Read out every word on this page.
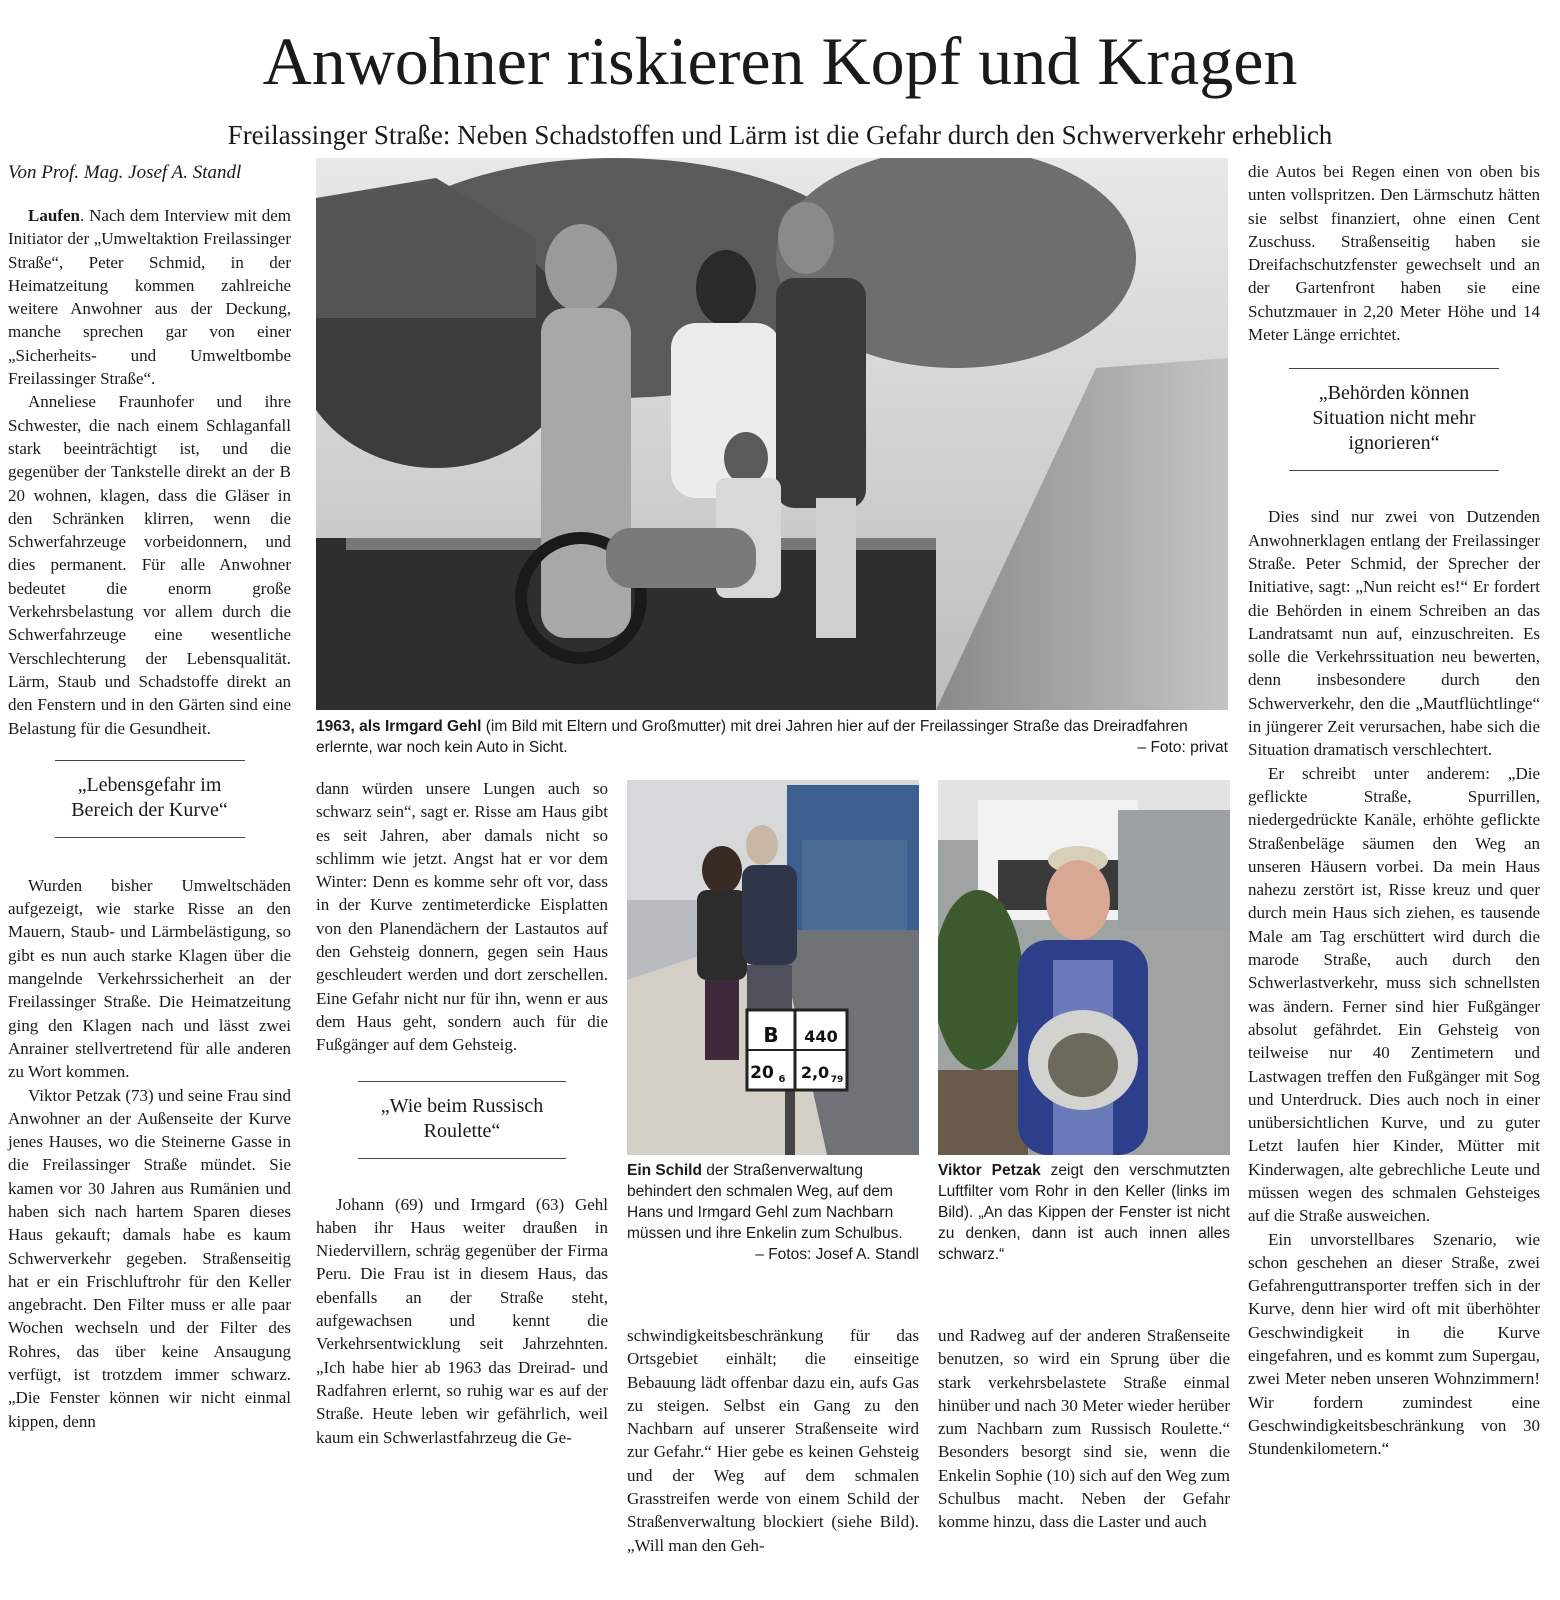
Anwohner riskieren Kopf und Kragen
Freilassinger Straße: Neben Schadstoffen und Lärm ist die Gefahr durch den Schwerverkehr erheblich
Von Prof. Mag. Josef A. Standl

Laufen. Nach dem Interview mit dem Initiator der „Umweltaktion Freilassinger Straße“, Peter Schmid, in der Heimatzeitung kommen zahlreiche weitere Anwohner aus der Deckung, manche sprechen gar von einer „Sicherheits- und Umweltbombe Freilassinger Straße“.

Anneliese Fraunhofer und ihre Schwester, die nach einem Schlaganfall stark beeinträchtigt ist, und die gegenüber der Tankstelle direkt an der B 20 wohnen, klagen, dass die Gläser in den Schränken klirren, wenn die Schwerfahrzeuge vorbeidonnern, und dies permanent. Für alle Anwohner bedeutet die enorm große Verkehrsbelastung vor allem durch die Schwerfahrzeuge eine wesentliche Verschlechterung der Lebensqualität. Lärm, Staub und Schadstoffe direkt an den Fenstern und in den Gärten sind eine Belastung für die Gesundheit.

„Lebensgefahr im Bereich der Kurve“

Wurden bisher Umweltschäden aufgezeigt, wie starke Risse an den Mauern, Staub- und Lärmbelästigung, so gibt es nun auch starke Klagen über die mangelnde Verkehrssicherheit an der Freilassinger Straße. Die Heimatzeitung ging den Klagen nach und lässt zwei Anrainer stellvertretend für alle anderen zu Wort kommen.

Viktor Petzak (73) und seine Frau sind Anwohner an der Außenseite der Kurve jenes Hauses, wo die Steinerne Gasse in die Freilassinger Straße mündet. Sie kamen vor 30 Jahren aus Rumänien und haben sich nach hartem Sparen dieses Haus gekauft; damals habe es kaum Schwerverkehr gegeben. Straßenseitig hat er ein Frischluftrohr für den Keller angebracht. Den Filter muss er alle paar Wochen wechseln und der Filter des Rohres, das über keine Ansaugung verfügt, ist trotzdem immer schwarz. „Die Fenster können wir nicht einmal kippen, denn

1963, als Irmgard Gehl (im Bild mit Eltern und Großmutter) mit drei Jahren hier auf der Freilassinger Straße das Dreiradfahren erlernte, war noch kein Auto in Sicht.	– Foto: privat

dann würden unsere Lungen auch so schwarz sein“, sagt er. Risse am Haus gibt es seit Jahren, aber damals nicht so schlimm wie jetzt. Angst hat er vor dem Winter: Denn es komme sehr oft vor, dass in der Kurve zentimeterdicke Eisplatten von den Planendächern der Lastautos auf den Gehsteig donnern, gegen sein Haus geschleudert werden und dort zerschellen. Eine Gefahr nicht nur für ihn, wenn er aus dem Haus geht, sondern auch für die Fußgänger auf dem Gehsteig.

„Wie beim Russisch Roulette“

Johann (69) und Irmgard (63) Gehl haben ihr Haus weiter draußen in Niedervillern, schräg gegenüber der Firma Peru. Die Frau ist in diesem Haus, das ebenfalls an der Straße steht, aufgewachsen und kennt die Verkehrsentwicklung seit Jahrzehnten. „Ich habe hier ab 1963 das Dreirad- und Radfahren erlernt, so ruhig war es auf der Straße. Heute leben wir gefährlich, weil kaum ein Schwerlastfahrzeug die Ge-

B 440
20 6 2,0 79
Ein Schild der Straßenverwaltung behindert den schmalen Weg, auf dem Hans und Irmgard Gehl zum Nachbarn müssen und ihre Enkelin zum Schulbus.
– Fotos: Josef A. Standl
Viktor Petzak zeigt den verschmutzten Luftfilter vom Rohr in den Keller (links im Bild). „An das Kippen der Fenster ist nicht zu denken, dann ist auch innen alles schwarz.“

schwindigkeitsbeschränkung für das Ortsgebiet einhält; die einseitige Bebauung lädt offenbar dazu ein, aufs Gas zu steigen. Selbst ein Gang zu den Nachbarn auf unserer Straßenseite wird zur Gefahr.“ Hier gebe es keinen Gehsteig und der Weg auf dem schmalen Grasstreifen werde von einem Schild der Straßenverwaltung blockiert (siehe Bild). „Will man den Geh-

und Radweg auf der anderen Straßenseite benutzen, so wird ein Sprung über die stark verkehrsbelastete Straße einmal hinüber und nach 30 Meter wieder herüber zum Nachbarn zum Russisch Roulette.“ Besonders besorgt sind sie, wenn die Enkelin Sophie (10) sich auf den Weg zum Schulbus macht. Neben der Gefahr komme hinzu, dass die Laster und auch

die Autos bei Regen einen von oben bis unten vollspritzen. Den Lärmschutz hätten sie selbst finanziert, ohne einen Cent Zuschuss. Straßenseitig haben sie Dreifachschutzfenster gewechselt und an der Gartenfront haben sie eine Schutzmauer in 2,20 Meter Höhe und 14 Meter Länge errichtet.

„Behörden können Situation nicht mehr ignorieren“

Dies sind nur zwei von Dutzenden Anwohnerklagen entlang der Freilassinger Straße. Peter Schmid, der Sprecher der Initiative, sagt: „Nun reicht es!“ Er fordert die Behörden in einem Schreiben an das Landratsamt nun auf, einzuschreiten. Es solle die Verkehrssituation neu bewerten, denn insbesondere durch den Schwerverkehr, den die „Mautflüchtlinge“ in jüngerer Zeit verursachen, habe sich die Situation dramatisch verschlechtert.

Er schreibt unter anderem: „Die geflickte Straße, Spurrillen, niedergedrückte Kanäle, erhöhte geflickte Straßenbeläge säumen den Weg an unseren Häusern vorbei. Da mein Haus nahezu zerstört ist, Risse kreuz und quer durch mein Haus sich ziehen, es tausende Male am Tag erschüttert wird durch die marode Straße, auch durch den Schwerlastverkehr, muss sich schnellsten was ändern. Ferner sind hier Fußgänger absolut gefährdet. Ein Gehsteig von teilweise nur 40 Zentimetern und Lastwagen treffen den Fußgänger mit Sog und Unterdruck. Dies auch noch in einer unübersichtlichen Kurve, und zu guter Letzt laufen hier Kinder, Mütter mit Kinderwagen, alte gebrechliche Leute und müssen wegen des schmalen Gehsteiges auf die Straße ausweichen.

Ein unvorstellbares Szenario, wie schon geschehen an dieser Straße, zwei Gefahrenguttransporter treffen sich in der Kurve, denn hier wird oft mit überhöhter Geschwindigkeit in die Kurve eingefahren, und es kommt zum Supergau, zwei Meter neben unseren Wohnzimmern! Wir fordern zumindest eine Geschwindigkeitsbeschränkung von 30 Stundenkilometern.“
